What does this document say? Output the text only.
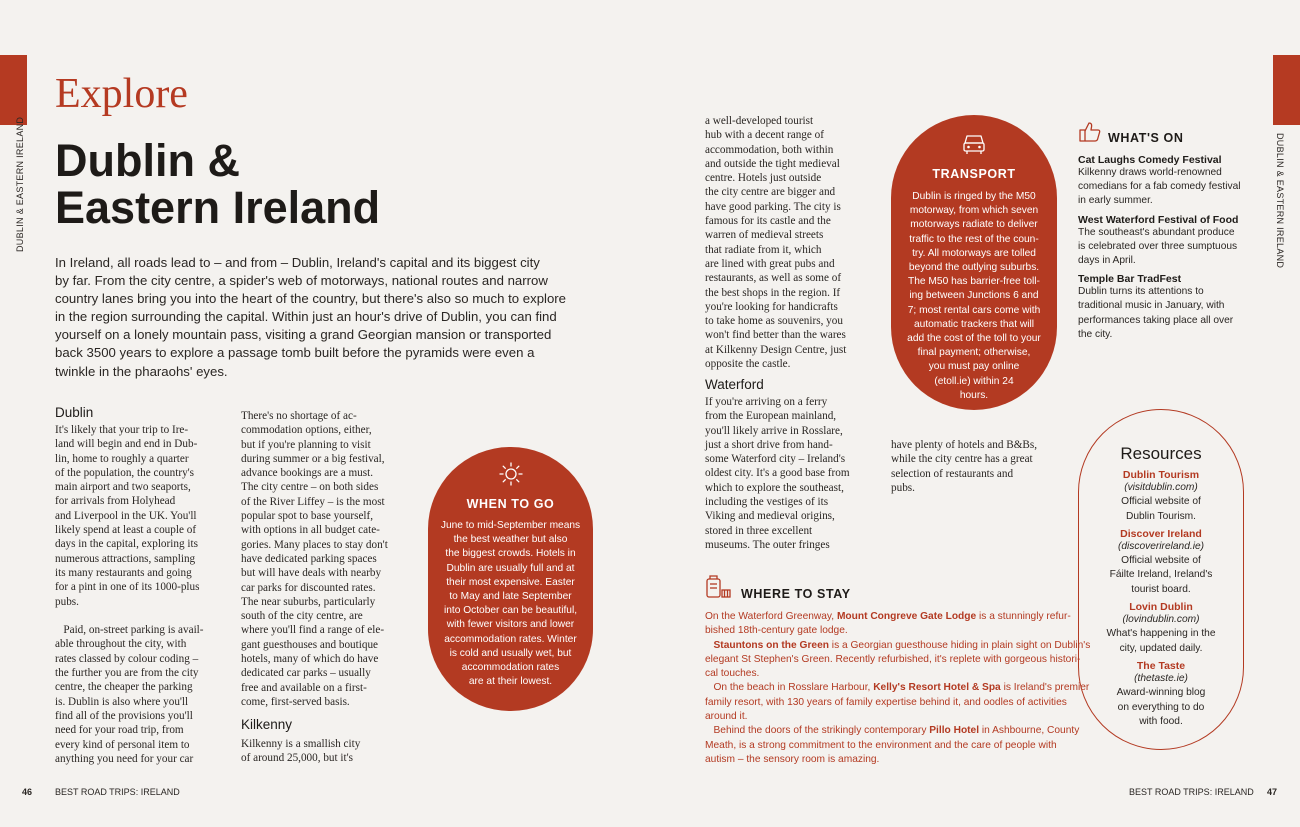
DUBLIN & EASTERN IRELAND	DUBLIN & EASTERN IRELAND
Explore
Dublin &
Eastern Ireland
In Ireland, all roads lead to – and from – Dublin, Ireland's capital and its biggest city
by far. From the city centre, a spider's web of motorways, national routes and narrow
country lanes bring you into the heart of the country, but there's also so much to explore
in the region surrounding the capital. Within just an hour's drive of Dublin, you can find
yourself on a lonely mountain pass, visiting a grand Georgian mansion or transported
back 3500 years to explore a passage tomb built before the pyramids were even a
twinkle in the pharaohs' eyes.
Dublin
It's likely that your trip to Ire-
land will begin and end in Dub-
lin, home to roughly a quarter
of the population, the country's
main airport and two seaports,
for arrivals from Holyhead
and Liverpool in the UK. You'll
likely spend at least a couple of
days in the capital, exploring its
numerous attractions, sampling
its many restaurants and going
for a pint in one of its 1000-plus
pubs.

Paid, on-street parking is avail-
able throughout the city, with
rates classed by colour coding –
the further you are from the city
centre, the cheaper the parking
is. Dublin is also where you'll
find all of the provisions you'll
need for your road trip, from
every kind of personal item to
anything you need for your car
There's no shortage of ac-
commodation options, either,
but if you're planning to visit
during summer or a big festival,
advance bookings are a must.
The city centre – on both sides
of the River Liffey – is the most
popular spot to base yourself,
with options in all budget cate-
gories. Many places to stay don't
have dedicated parking spaces
but will have deals with nearby
car parks for discounted rates.
The near suburbs, particularly
south of the city centre, are
where you'll find a range of ele-
gant guesthouses and boutique
hotels, many of which do have
dedicated car parks – usually
free and available on a first-
come, first-served basis.
Kilkenny
Kilkenny is a smallish city
of around 25,000, but it's
a well-developed tourist
hub with a decent range of
accommodation, both within
and outside the tight medieval
centre. Hotels just outside
the city centre are bigger and
have good parking. The city is
famous for its castle and the
warren of medieval streets
that radiate from it, which
are lined with great pubs and
restaurants, as well as some of
the best shops in the region. If
you're looking for handicrafts
to take home as souvenirs, you
won't find better than the wares
at Kilkenny Design Centre, just
opposite the castle.
Waterford
If you're arriving on a ferry
from the European mainland,
you'll likely arrive in Rosslare,
just a short drive from hand-
some Waterford city – Ireland's
oldest city. It's a good base from
which to explore the southeast,
including the vestiges of its
Viking and medieval origins,
stored in three excellent
museums. The outer fringes
have plenty of hotels and B&Bs,
while the city centre has a great
selection of restaurants and
pubs.
WHEN TO GO
June to mid-September means
the best weather but also
the biggest crowds. Hotels in
Dublin are usually full and at
their most expensive. Easter
to May and late September
into October can be beautiful,
with fewer visitors and lower
accommodation rates. Winter
is cold and usually wet, but
accommodation rates
are at their lowest.
TRANSPORT
Dublin is ringed by the M50
motorway, from which seven
motorways radiate to deliver
traffic to the rest of the coun-
try. All motorways are tolled
beyond the outlying suburbs.
The M50 has barrier-free toll-
ing between Junctions 6 and
7; most rental cars come with
automatic trackers that will
add the cost of the toll to your
final payment; otherwise,
you must pay online
(etoll.ie) within 24
hours.
WHERE TO STAY
On the Waterford Greenway, Mount Congreve Gate Lodge is a stunningly refur-
bished 18th-century gate lodge.
Stauntons on the Green is a Georgian guesthouse hiding in plain sight on Dublin's
elegant St Stephen's Green. Recently refurbished, it's replete with gorgeous histori-
cal touches.
On the beach in Rosslare Harbour, Kelly's Resort Hotel & Spa is Ireland's premier
family resort, with 130 years of family expertise behind it, and oodles of activities
around it.
Behind the doors of the strikingly contemporary Pillo Hotel in Ashbourne, County
Meath, is a strong commitment to the environment and the care of people with
autism – the sensory room is amazing.
WHAT'S ON
Cat Laughs Comedy Festival
Kilkenny draws world-renowned
comedians for a fab comedy festival
in early summer.
West Waterford Festival of Food
The southeast's abundant produce
is celebrated over three sumptuous
days in April.
Temple Bar TradFest
Dublin turns its attentions to
traditional music in January, with
performances taking place all over
the city.
Resources
Dublin Tourism
(visitdublin.com)
Official website of
Dublin Tourism.
Discover Ireland
(discoverireland.ie)
Official website of
Fáilte Ireland, Ireland's
tourist board.
Lovin Dublin
(lovindublin.com)
What's happening in the
city, updated daily.
The Taste
(thetaste.ie)
Award-winning blog
on everything to do
with food.
46	BEST ROAD TRIPS: IRELAND	BEST ROAD TRIPS: IRELAND 47
